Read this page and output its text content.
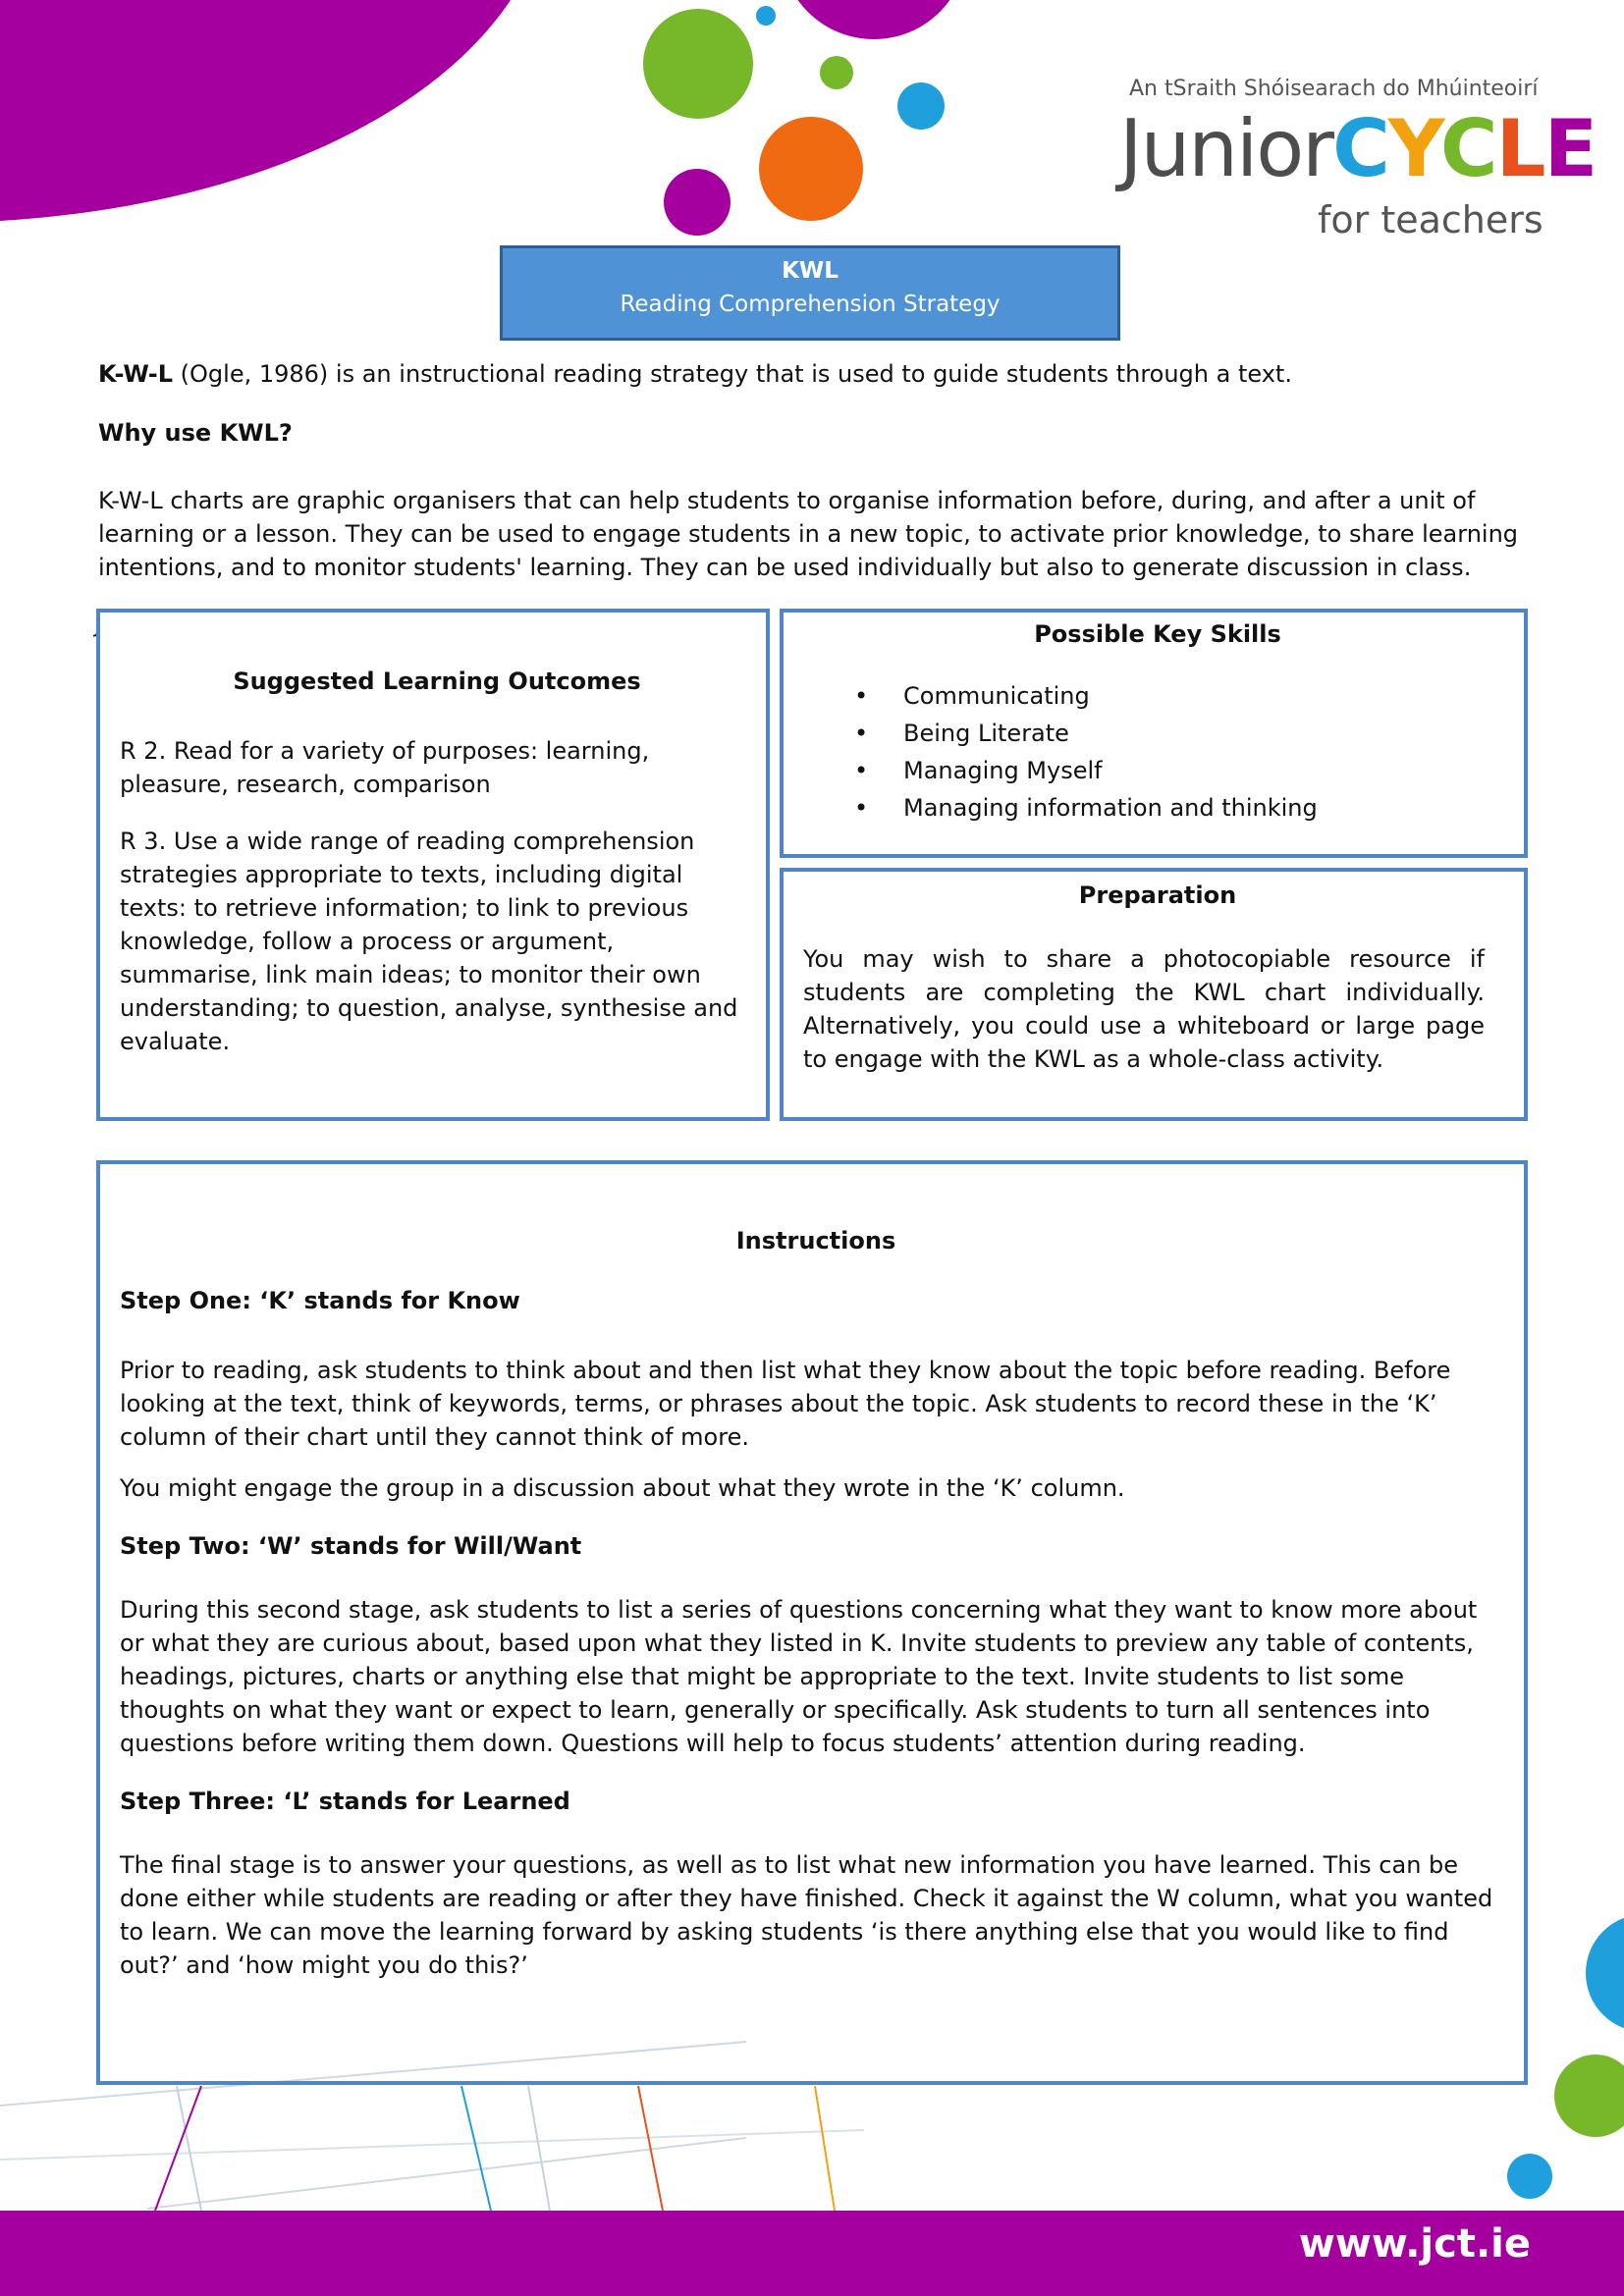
An tSraith Shóisearach do Mhúinteoirí
JuniorCYCLE
for teachers
KWL
Reading Comprehension Strategy
K-W-L (Ogle, 1986) is an instructional reading strategy that is used to guide students through a text.
Why use KWL?
K-W-L charts are graphic organisers that can help students to organise information before, during, and after a unit of learning or a lesson. They can be used to engage students in a new topic, to activate prior knowledge, to share learning intentions, and to monitor students' learning. They can be used individually but also to generate discussion in class.
J
Suggested Learning Outcomes
R 2. Read for a variety of purposes: learning, pleasure, research, comparison
R 3. Use a wide range of reading comprehension strategies appropriate to texts, including digital texts: to retrieve information; to link to previous knowledge, follow a process or argument, summarise, link main ideas; to monitor their own understanding; to question, analyse, synthesise and evaluate.
Possible Key Skills
• Communicating
• Being Literate
• Managing Myself
• Managing information and thinking
Preparation
You may wish to share a photocopiable resource if students are completing the KWL chart individually. Alternatively, you could use a whiteboard or large page to engage with the KWL as a whole-class activity.
Instructions
Step One: ‘K’ stands for Know
Prior to reading, ask students to think about and then list what they know about the topic before reading. Before looking at the text, think of keywords, terms, or phrases about the topic. Ask students to record these in the ‘K’ column of their chart until they cannot think of more.
You might engage the group in a discussion about what they wrote in the ‘K’ column.
Step Two: ‘W’ stands for Will/Want
During this second stage, ask students to list a series of questions concerning what they want to know more about or what they are curious about, based upon what they listed in K. Invite students to preview any table of contents, headings, pictures, charts or anything else that might be appropriate to the text. Invite students to list some thoughts on what they want or expect to learn, generally or specifically. Ask students to turn all sentences into questions before writing them down. Questions will help to focus students’ attention during reading.
Step Three: ‘L’ stands for Learned
The final stage is to answer your questions, as well as to list what new information you have learned. This can be done either while students are reading or after they have finished. Check it against the W column, what you wanted to learn. We can move the learning forward by asking students ‘is there anything else that you would like to find out?’ and ‘how might you do this?’
www.jct.ie
